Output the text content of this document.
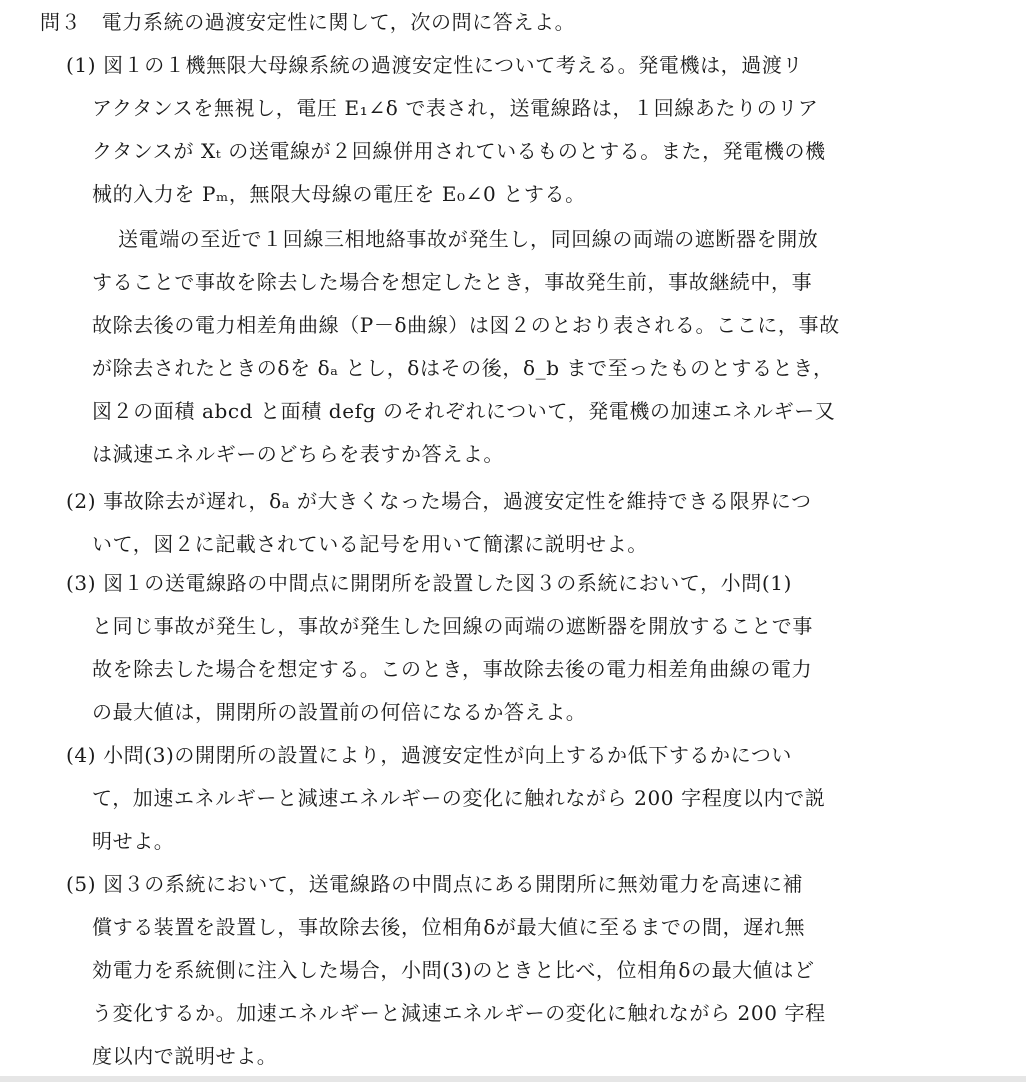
問３　電力系統の過渡安定性に関して，次の問に答えよ。
(1) 図１の１機無限大母線系統の過渡安定性について考える。発電機は，過渡リ
アクタンスを無視し，電圧 E₁∠δ で表され，送電線路は，１回線あたりのリア
クタンスが Xₜ の送電線が２回線併用されているものとする。また，発電機の機
械的入力を Pₘ，無限大母線の電圧を E₀∠0 とする。
送電端の至近で１回線三相地絡事故が発生し，同回線の両端の遮断器を開放
することで事故を除去した場合を想定したとき，事故発生前，事故継続中，事
故除去後の電力相差角曲線（P－δ曲線）は図２のとおり表される。ここに，事故
が除去されたときのδを δₐ とし，δはその後，δ_b まで至ったものとするとき，
図２の面積 abcd と面積 defg のそれぞれについて，発電機の加速エネルギー又
は減速エネルギーのどちらを表すか答えよ。
(2) 事故除去が遅れ，δₐ が大きくなった場合，過渡安定性を維持できる限界につ
いて，図２に記載されている記号を用いて簡潔に説明せよ。
(3) 図１の送電線路の中間点に開閉所を設置した図３の系統において，小問(1)
と同じ事故が発生し，事故が発生した回線の両端の遮断器を開放することで事
故を除去した場合を想定する。このとき，事故除去後の電力相差角曲線の電力
の最大値は，開閉所の設置前の何倍になるか答えよ。
(4) 小問(3)の開閉所の設置により，過渡安定性が向上するか低下するかについ
て，加速エネルギーと減速エネルギーの変化に触れながら 200 字程度以内で説
明せよ。
(5) 図３の系統において，送電線路の中間点にある開閉所に無効電力を高速に補
償する装置を設置し，事故除去後，位相角δが最大値に至るまでの間，遅れ無
効電力を系統側に注入した場合，小問(3)のときと比べ，位相角δの最大値はど
う変化するか。加速エネルギーと減速エネルギーの変化に触れながら 200 字程
度以内で説明せよ。
